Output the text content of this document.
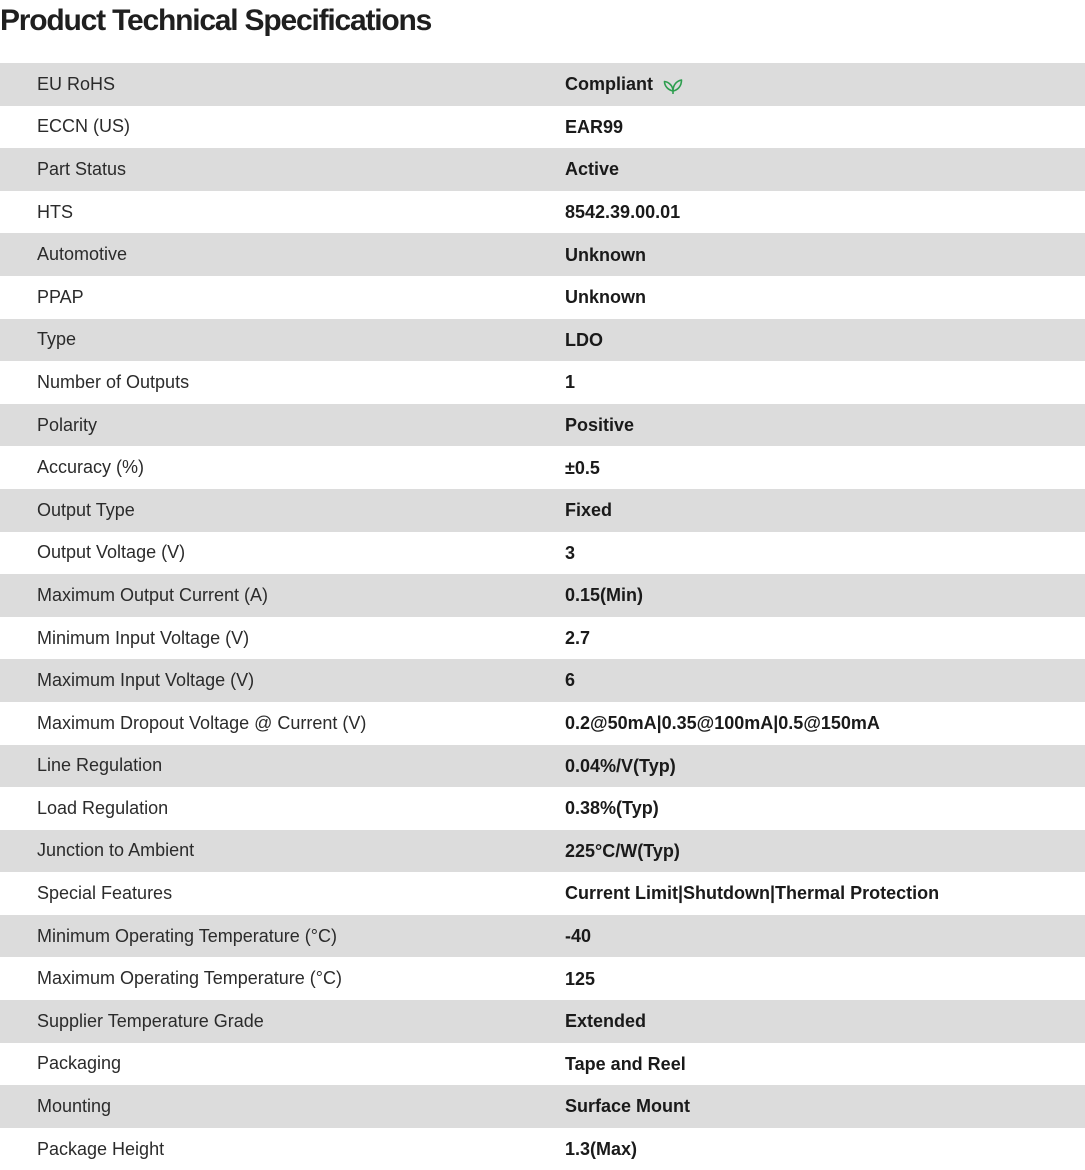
Product Technical Specifications
EU RoHS	Compliant
ECCN (US)	EAR99
Part Status	Active
HTS	8542.39.00.01
Automotive	Unknown
PPAP	Unknown
Type	LDO
Number of Outputs	1
Polarity	Positive
Accuracy (%)	±0.5
Output Type	Fixed
Output Voltage (V)	3
Maximum Output Current (A)	0.15(Min)
Minimum Input Voltage (V)	2.7
Maximum Input Voltage (V)	6
Maximum Dropout Voltage @ Current (V)	0.2@50mA|0.35@100mA|0.5@150mA
Line Regulation	0.04%/V(Typ)
Load Regulation	0.38%(Typ)
Junction to Ambient	225°C/W(Typ)
Special Features	Current Limit|Shutdown|Thermal Protection
Minimum Operating Temperature (°C)	-40
Maximum Operating Temperature (°C)	125
Supplier Temperature Grade	Extended
Packaging	Tape and Reel
Mounting	Surface Mount
Package Height	1.3(Max)
